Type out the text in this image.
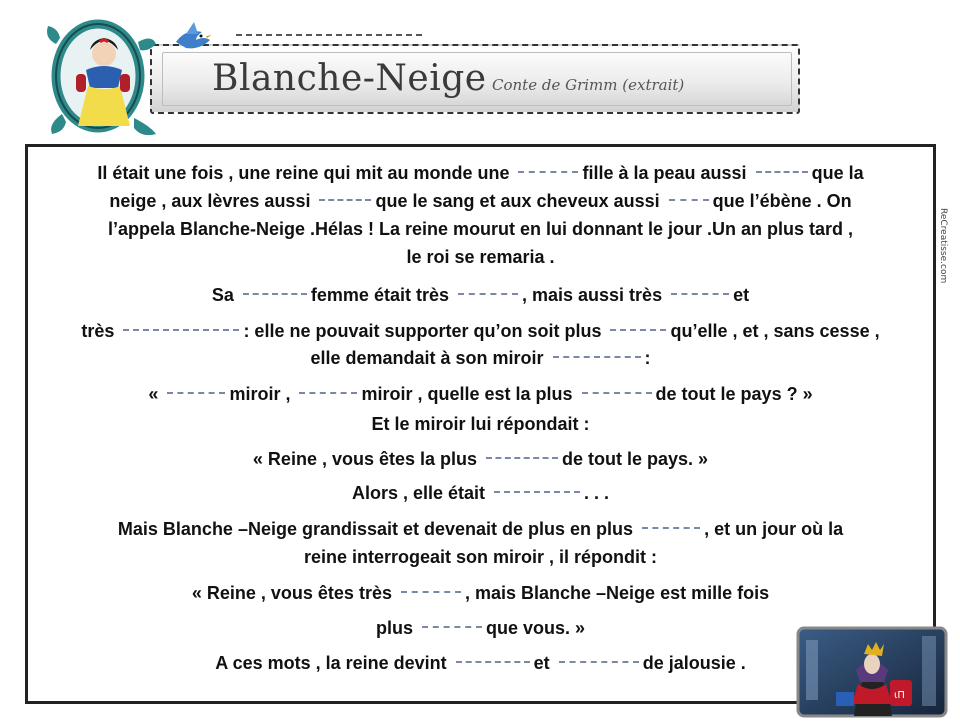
Blanche-Neige Conte de Grimm (extrait)
Il était une fois , une reine qui mit au monde une	fille à la peau aussi	que la
neige , aux lèvres aussi	que le sang et aux cheveux aussi	que l’ébène . On
l’appela Blanche-Neige .Hélas ! La reine mourut en lui donnant le jour .Un an plus tard ,
le roi se remaria .
Sa	femme était très	, mais aussi très	et
très	: elle ne pouvait supporter qu’on soit plus	qu’elle , et , sans cesse ,
elle demandait à son miroir	:
«	miroir ,	miroir , quelle est la plus	de tout le pays ? »
Et le miroir lui répondait :
« Reine , vous êtes la plus	de tout le pays. »
Alors , elle était	. . .
Mais Blanche –Neige grandissait et devenait de plus en plus	, et un jour où la
reine interrogeait son miroir , il répondit :
« Reine , vous êtes très	, mais Blanche –Neige est mille fois
plus	que vous. »
A ces mots , la reine devint	et	de jalousie .
ReCreatisse.com
ιΠ
